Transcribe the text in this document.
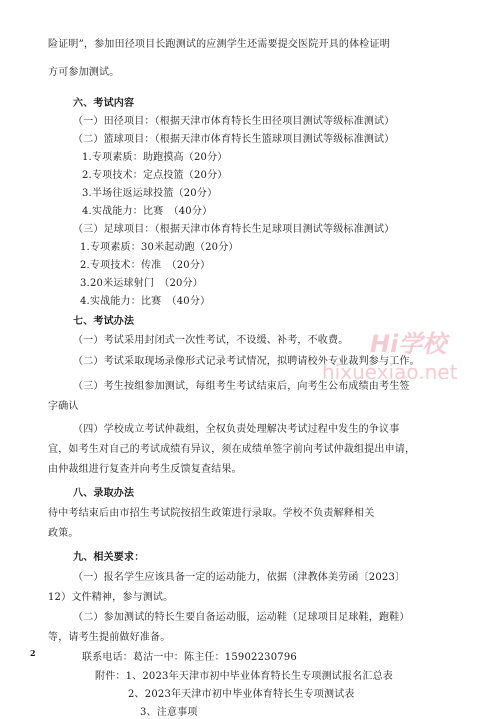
险证明”，参加田径项目长跑测试的应测学生还需要提交医院开具的体检证明
方可参加测试。
六、考试内容
（一）田径项目：（根据天津市体育特长生田径项目测试等级标准测试）
（二）篮球项目：（根据天津市体育特长生篮球项目测试等级标准测试）
1.专项素质：助跑摸高（20分）
2.专项技术：定点投篮（20分）
3.半场往返运球投篮（20分）
4.实战能力：比赛　（40分）
（三）足球项目：（根据天津市体育特长生足球项目测试等级标准测试）
1.专项素质：30米起动跑（20分）
2.专项技术：传准　（20分）
3.20米运球射门　（20分）
4.实战能力：比赛　（40分）
七、考试办法
（一）考试采用封闭式一次性考试，不设缓、补考，不收费。
（二）考试采取现场录像形式记录考试情况，拟聘请校外专业裁判参与工作。
（三）考生按组参加测试，每组考生考试结束后，向考生公布成绩由考生签
字确认
（四）学校成立考试仲裁组，全权负责处理解决考试过程中发生的争议事
宜，如考生对自己的考试成绩有异议，须在成绩单签字前向考试仲裁组提出申请，
由仲裁组进行复查并向考生反馈复查结果。
八、录取办法
待中考结束后由市招生考试院按招生政策进行录取。学校不负责解释相关
政策。
九、相关要求：
（一）报名学生应该具备一定的运动能力，依据（津教体美劳函〔2023〕
12）文件精神，参与测试。
（二）参加测试的特长生要自备运动服，运动鞋（足球项目足球鞋，跑鞋）
等，请考生提前做好准备。
联系电话：葛沽一中：陈主任：15902230796
附件：1、2023年天津市初中毕业体育特长生专项测试报名汇总表
2、2023年天津市初中毕业体育特长生专项测试表
3、注意事项
Hi学校
hixuexiao.net
2
